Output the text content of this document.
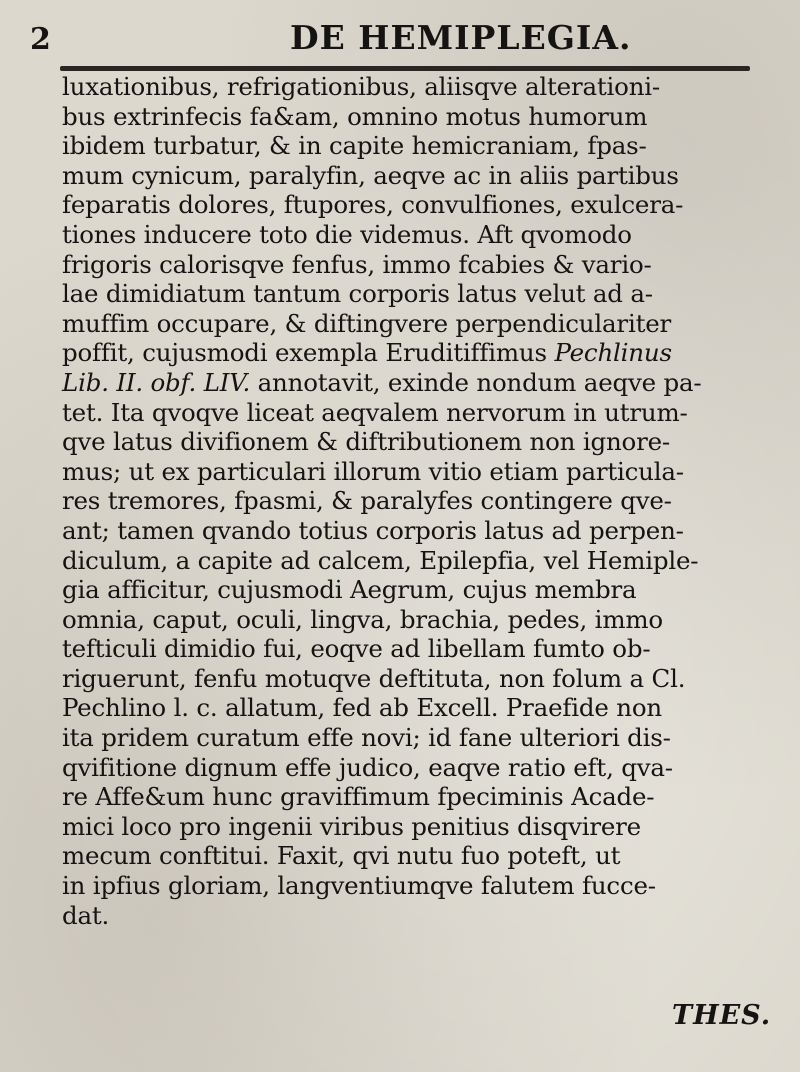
2	DE HEMIPLEGIA.
luxationibus, refrigationibus, aliisqve alterationi-
bus extrinfecis fa&am, omnino motus humorum
ibidem turbatur, & in capite hemicraniam, fpas-
mum cynicum, paralyfin, aeqve ac in aliis partibus
feparatis dolores, ftupores, convulfiones, exulcera-
tiones inducere toto die videmus. Aft qvomodo
frigoris calorisqve fenfus, immo fcabies & vario-
lae dimidiatum tantum corporis latus velut ad a-
muffim occupare, & diftingvere perpendiculariter
poffit, cujusmodi exempla Eruditiffimus Pechlinus
Lib. II. obf. LIV. annotavit, exinde nondum aeqve pa-
tet. Ita qvoqve liceat aeqvalem nervorum in utrum-
qve latus divifionem & diftributionem non ignore-
mus; ut ex particulari illorum vitio etiam particula-
res tremores, fpasmi, & paralyfes contingere qve-
ant; tamen qvando totius corporis latus ad perpen-
diculum, a capite ad calcem, Epilepfia, vel Hemiple-
gia afficitur, cujusmodi Aegrum, cujus membra
omnia, caput, oculi, lingva, brachia, pedes, immo
tefticuli dimidio fui, eoqve ad libellam fumto ob-
riguerunt, fenfu motuqve deftituta, non folum a Cl.
Pechlino l. c. allatum, fed ab Excell. Praefide non
ita pridem curatum effe novi; id fane ulteriori dis-
qvifitione dignum effe judico, eaqve ratio eft, qva-
re Affe&um hunc graviffimum fpeciminis Acade-
mici loco pro ingenii viribus penitius disqvirere
mecum conftitui. Faxit, qvi nutu fuo poteft, ut
in ipfius gloriam, langventiumqve falutem fucce-
dat.
THES.
